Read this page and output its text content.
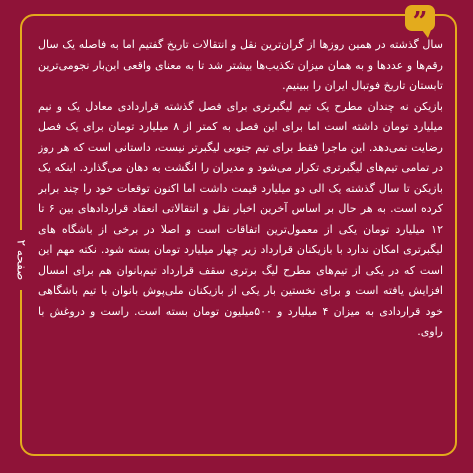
”
صفحه ۲
سال گذشته در همین روزها از گران‌ترین نقل و انتقالات تاریخ گفتیم اما به فاصله یک سال رقم‌ها و عددها و به همان میزان تکذیب‌ها بیشتر شد تا به معنای واقعی این‌بار نجومی‌ترین تابستان تاریخ فوتبال ایران را ببینیم.
بازیکن نه چندان مطرح یک تیم لیگبرتری برای فصل گذشته قراردادی معادل یک و نیم میلیارد تومان داشته است اما برای این فصل به کمتر از ۸ میلیارد تومان برای یک فصل رضایت نمی‌دهد. این ماجرا فقط برای تیم جنوبی لیگبرتر نیست، داستانی است که هر روز در تمامی تیم‌های لیگبرتری تکرار می‌شود و مدیران را انگشت به دهان می‌گذارد. اینکه یک بازیکن تا سال گذشته یک الی دو میلیارد قیمت داشت اما اکنون توقعات خود را چند برابر کرده است. به هر حال بر اساس آخرین اخبار نقل و انتقالاتی انعقاد قراردادهای بین ۶ تا ۱۲ میلیارد تومان یکی از معمول‌ترین اتفاقات است و اصلا در برخی از باشگاه های لیگبرتری امکان ندارد با بازیکنان قرارداد زیر چهار میلیارد تومان بسته شود. نکته مهم این است که در یکی از تیم‌های مطرح لیگ برتری سقف قرارداد تیم‌بانوان هم برای امسال افزایش یافته است و برای نخستین بار یکی از بازیکنان ملی‌پوش بانوان با تیم باشگاهی خود قراردادی به میزان ۴ میلیارد و ۵۰۰میلیون تومان بسته است. راست و دروغش با راوی.
